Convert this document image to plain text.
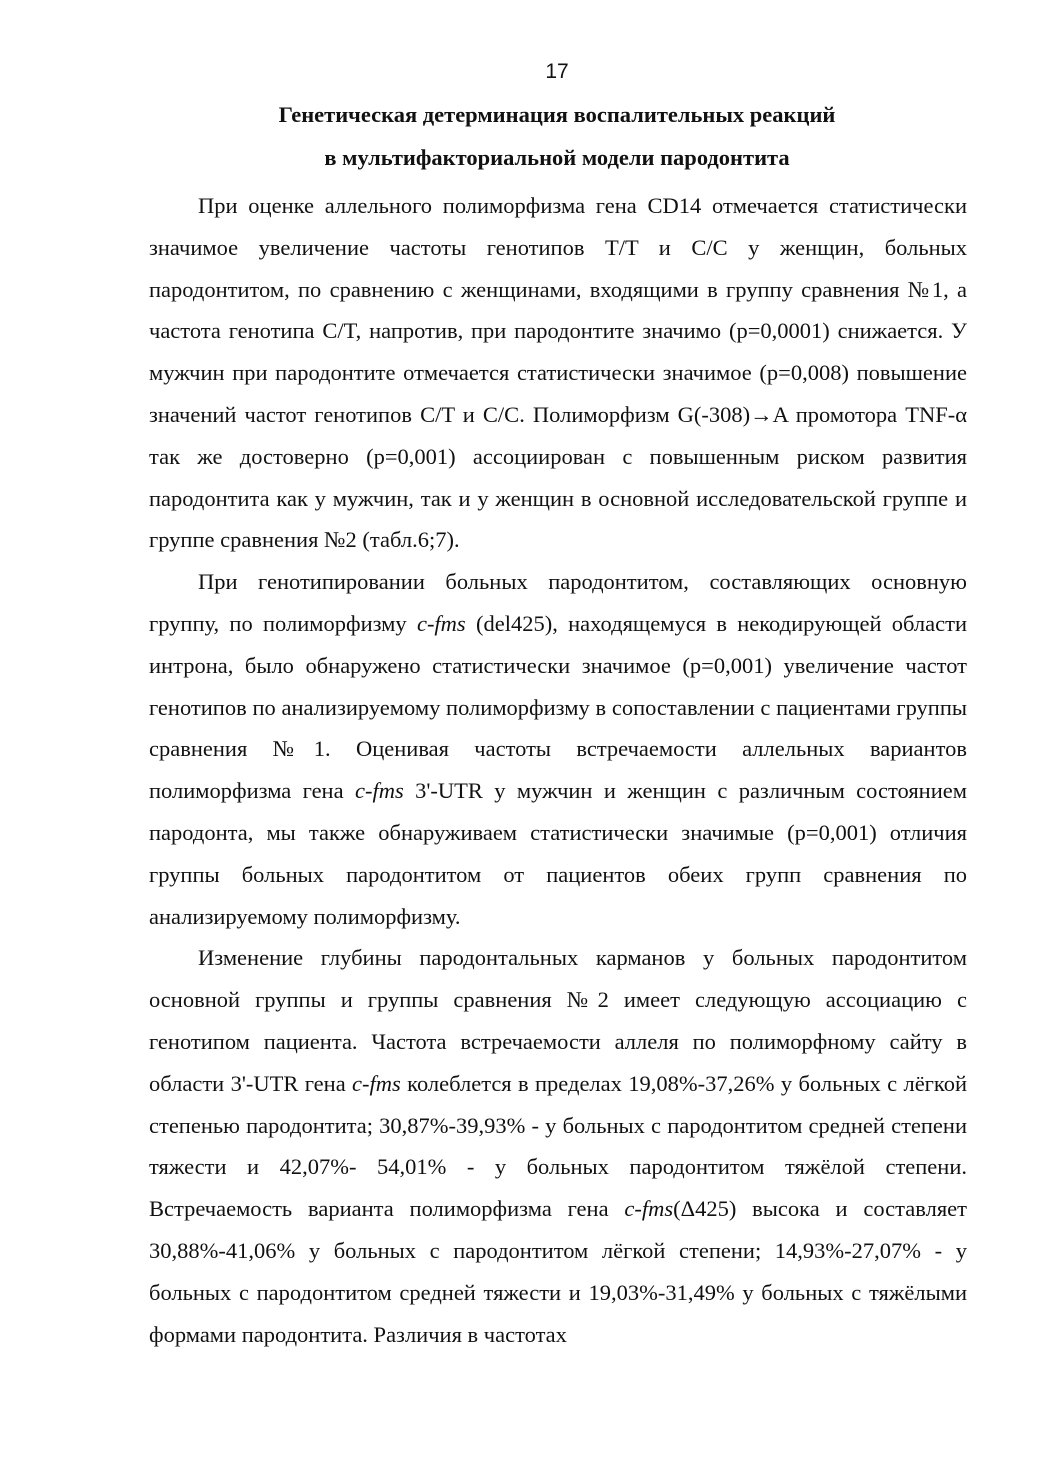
17
Генетическая детерминация воспалительных реакций
в мультифакториальной модели пародонтита

При оценке аллельного полиморфизма гена CD14 отмечается статистически значимое увеличение частоты генотипов T/T и C/C у женщин, больных пародонтитом, по сравнению с женщинами, входящими в группу сравнения №1, а частота генотипа C/T, напротив, при пародонтите значимо (p=0,0001) снижается. У мужчин при пародонтите отмечается статистически значимое (p=0,008) повышение значений частот генотипов C/T и C/C. Полиморфизм G(-308)→A промотора TNF-α так же достоверно (p=0,001) ассоциирован с повышенным риском развития пародонтита как у мужчин, так и у женщин в основной исследовательской группе и группе сравнения №2 (табл.6;7).

При генотипировании больных пародонтитом, составляющих основную группу, по полиморфизму c-fms (del425), находящемуся в некодирующей области интрона, было обнаружено статистически значимое (p=0,001) увеличение частот генотипов по анализируемому полиморфизму в сопоставлении с пациентами группы сравнения №1. Оценивая частоты встречаемости аллельных вариантов полиморфизма гена c-fms 3'-UTR у мужчин и женщин с различным состоянием пародонта, мы также обнаруживаем статистически значимые (p=0,001) отличия группы больных пародонтитом от пациентов обеих групп сравнения по анализируемому полиморфизму.

Изменение глубины пародонтальных карманов у больных пародонтитом основной группы и группы сравнения №2 имеет следующую ассоциацию с генотипом пациента. Частота встречаемости аллеля по полиморфному сайту в области 3'-UTR гена c-fms колеблется в пределах 19,08%-37,26% у больных с лёгкой степенью пародонтита; 30,87%-39,93% - у больных с пародонтитом средней степени тяжести и 42,07%- 54,01% - у больных пародонтитом тяжёлой степени. Встречаемость варианта полиморфизма гена c-fms(Δ425) высока и составляет 30,88%-41,06% у больных с пародонтитом лёгкой степени; 14,93%-27,07% - у больных с пародонтитом средней тяжести и 19,03%-31,49% у больных с тяжёлыми формами пародонтита. Различия в частотах
